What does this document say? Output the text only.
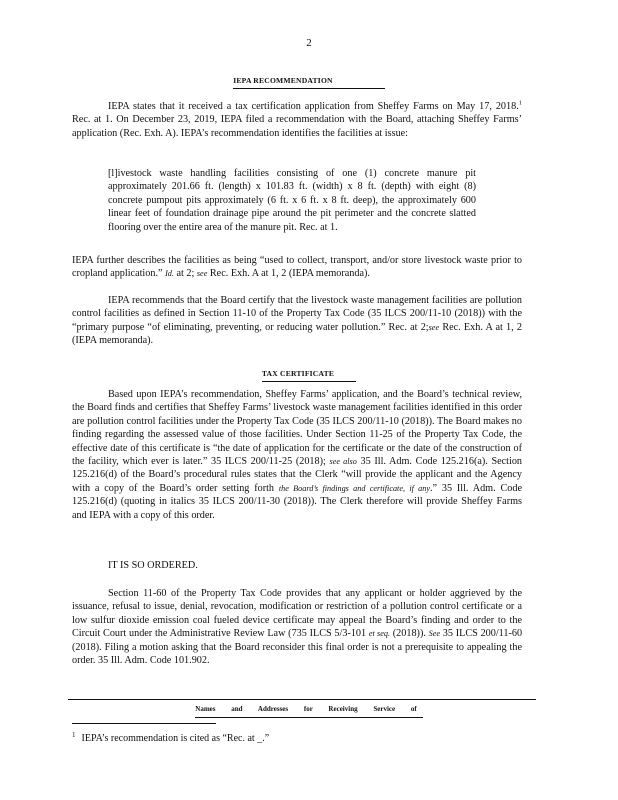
2
IEPA RECOMMENDATION

IEPA states that it received a tax certification application from Sheffey Farms on May 17, 2018.$^1$ Rec. at 1. On December 23, 2019, IEPA filed a recommendation with the Board, attaching Sheffey Farms’ application (Rec. Exh. A). IEPA’s recommendation identifies the facilities at issue:

[l]ivestock waste handling facilities consisting of one (1) concrete manure pit approximately 201.66 ft. (length) x 101.83 ft. (width) x 8 ft. (depth) with eight (8) concrete pumpout pits approximately (6 ft. x 6 ft. x 8 ft. deep), the approximately 600 linear feet of foundation drainage pipe around the pit perimeter and the concrete slatted flooring over the entire area of the manure pit. Rec. at 1.

IEPA further describes the facilities as being “used to collect, transport, and/or store livestock waste prior to cropland application.” Id. at 2; see Rec. Exh. A at 1, 2 (IEPA memoranda).

IEPA recommends that the Board certify that the livestock waste management facilities are pollution control facilities as defined in Section 11-10 of the Property Tax Code (35 ILCS 200/11-10 (2018)) with the “primary purpose “of eliminating, preventing, or reducing water pollution.” Rec. at 2;see Rec. Exh. A at 1, 2 (IEPA memoranda).

TAX CERTIFICATE

Based upon IEPA’s recommendation, Sheffey Farms’ application, and the Board’s technical review, the Board finds and certifies that Sheffey Farms’ livestock waste management facilities identified in this order are pollution control facilities under the Property Tax Code (35 ILCS 200/11-10 (2018)). The Board makes no finding regarding the assessed value of those facilities. Under Section 11-25 of the Property Tax Code, the effective date of this certificate is “the date of application for the certificate or the date of the construction of the facility, which ever is later.” 35 ILCS 200/11-25 (2018); see also 35 Ill. Adm. Code 125.216(a). Section 125.216(d) of the Board’s procedural rules states that the Clerk “will provide the applicant and the Agency with a copy of the Board’s order setting forth the Board’s findings and certificate, if any.” 35 Ill. Adm. Code 125.216(d) (quoting in italics 35 ILCS 200/11-30 (2018)). The Clerk therefore will provide Sheffey Farms and IEPA with a copy of this order.

IT IS SO ORDERED.

Section 11-60 of the Property Tax Code provides that any applicant or holder aggrieved by the issuance, refusal to issue, denial, revocation, modification or restriction of a pollution control certificate or a low sulfur dioxide emission coal fueled device certificate may appeal the Board’s finding and order to the Circuit Court under the Administrative Review Law (735 ILCS 5/3-101 et seq. (2018)). See 35 ILCS 200/11-60 (2018). Filing a motion asking that the Board reconsider this final order is not a prerequisite to appealing the order. 35 Ill. Adm. Code 101.902.

Names and Addresses for Receiving Service of
$^1$ IEPA’s recommendation is cited as “Rec. at _.”
